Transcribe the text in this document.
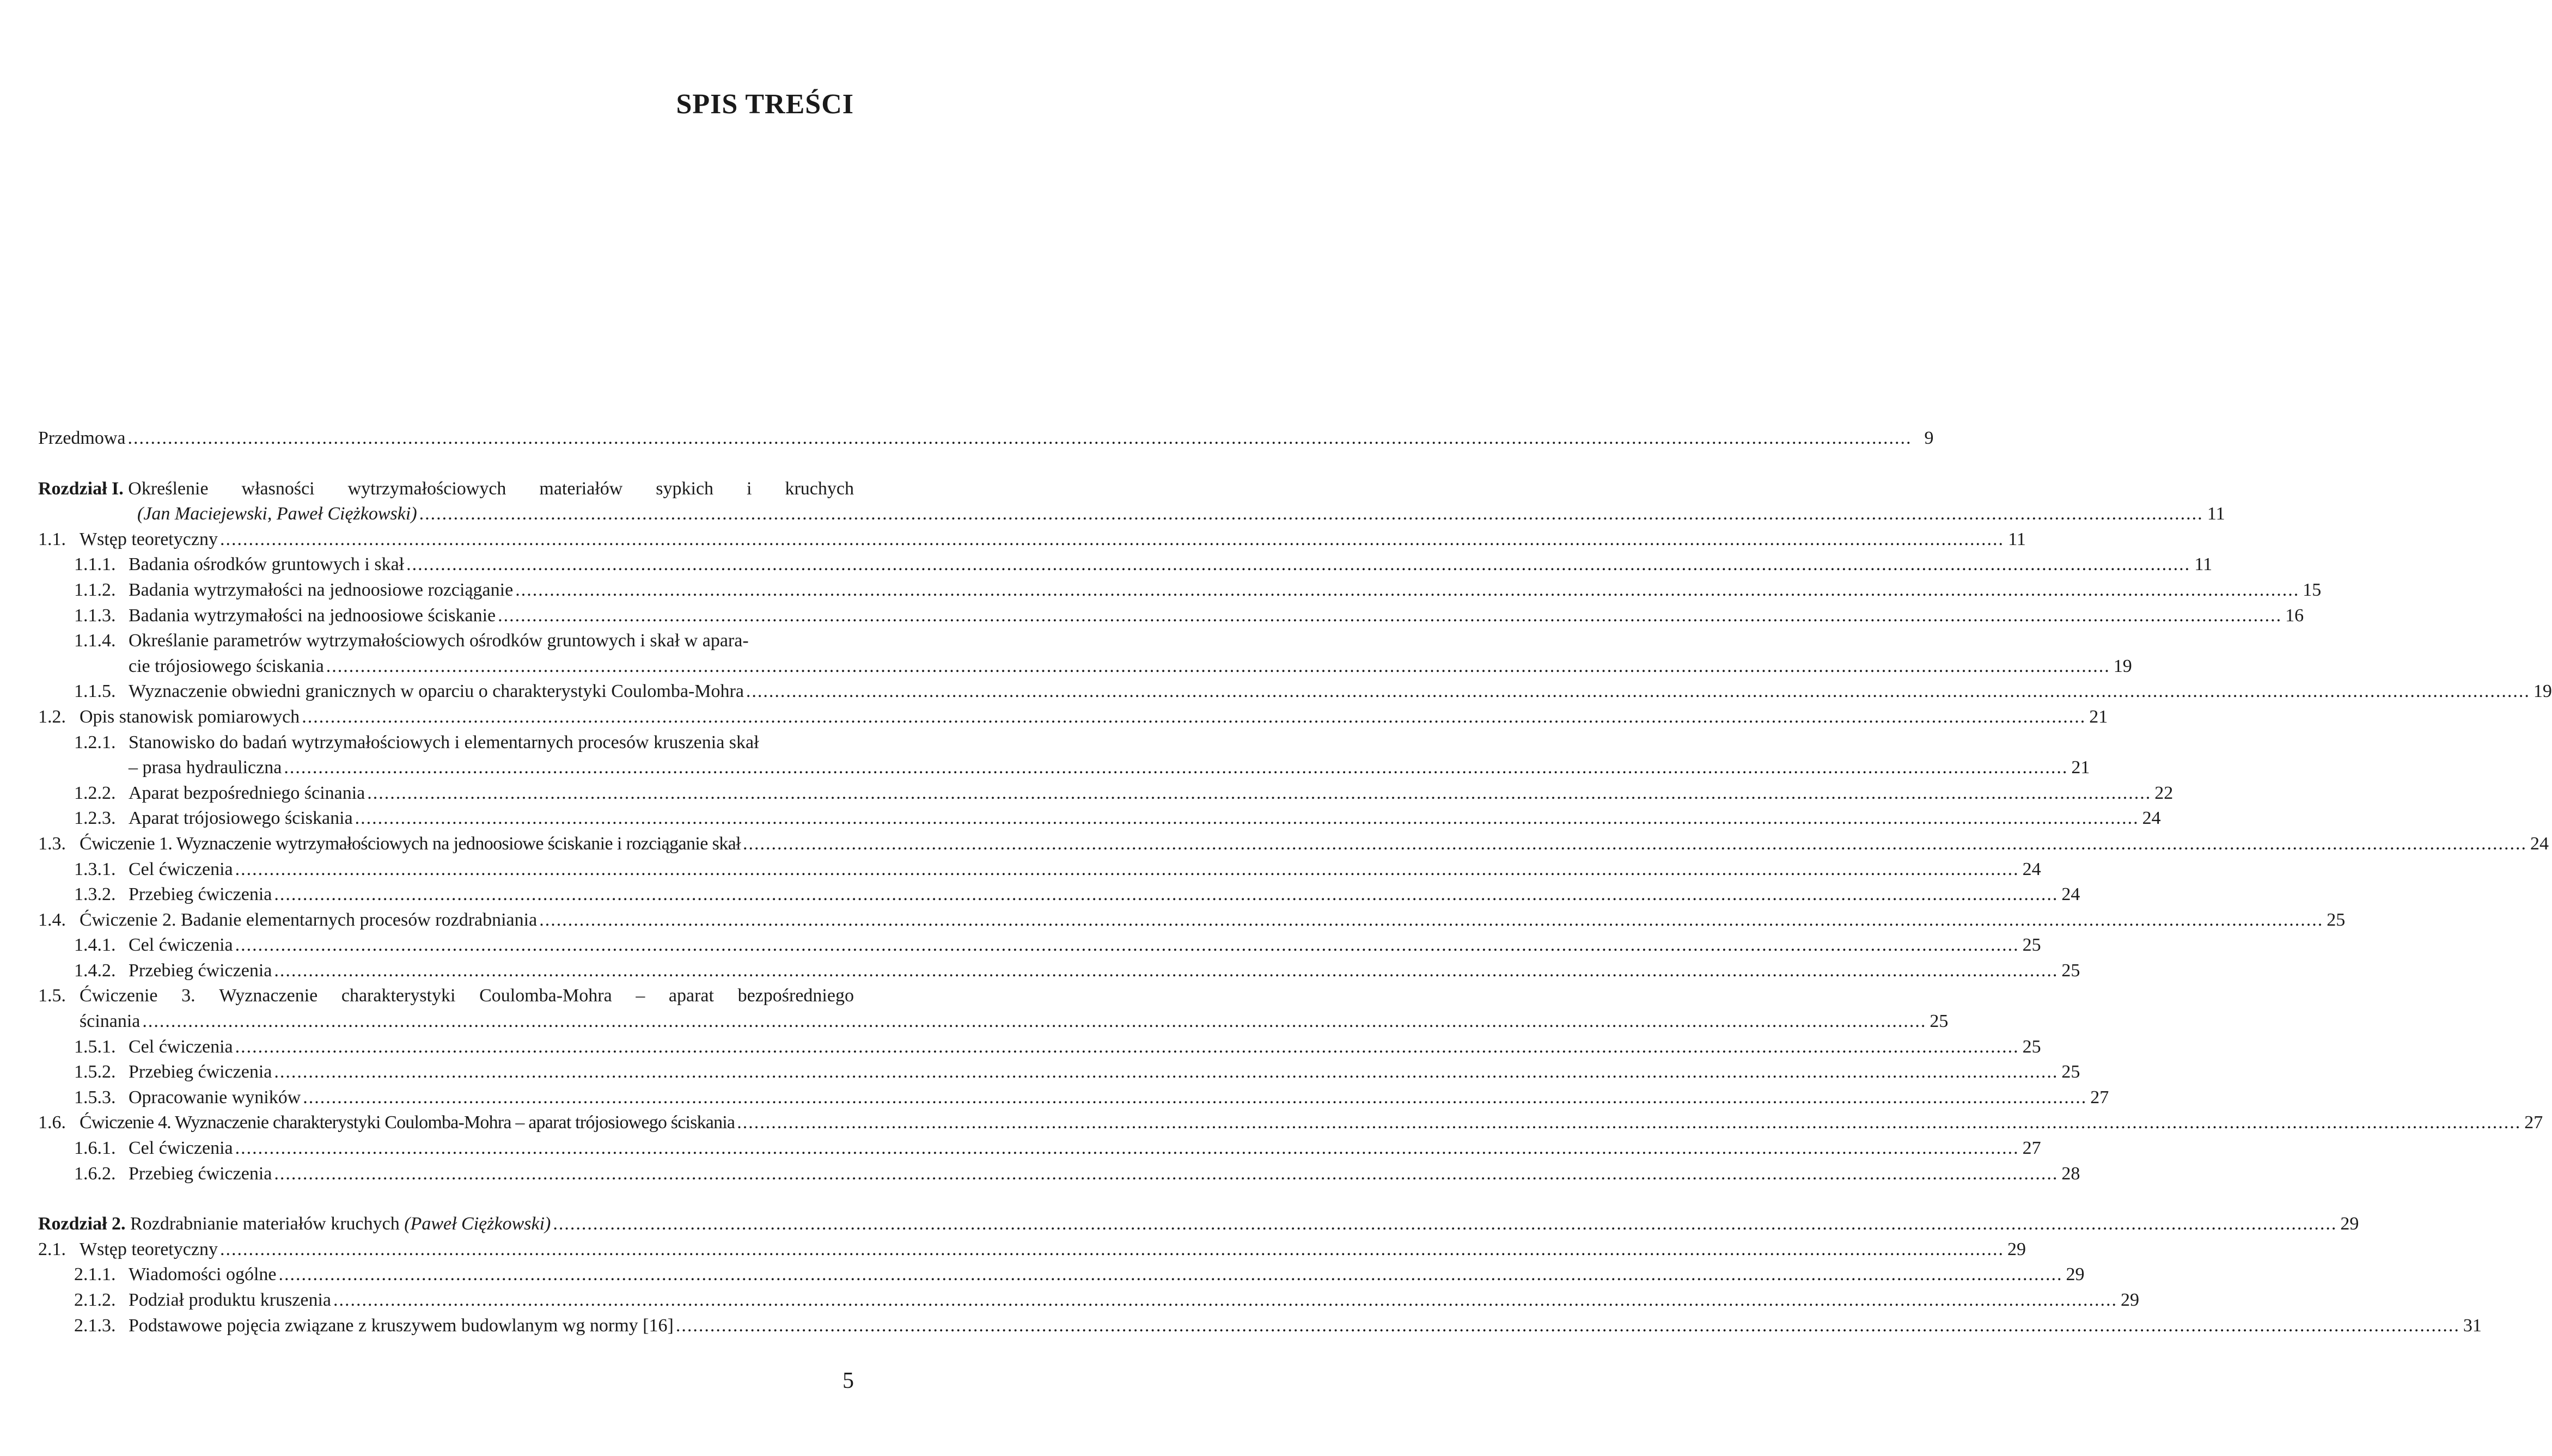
SPIS TREŚCI
Przedmowa .....	9
Rozdział I. Określenie własności wytrzymałościowych materiałów sypkich i kruchych
(Jan Maciejewski, Paweł Ciężkowski) .....	11
1.1. Wstęp teoretyczny .....	11
1.1.1. Badania ośrodków gruntowych i skał .....	11
1.1.2. Badania wytrzymałości na jednoosiowe rozciąganie .....	15
1.1.3. Badania wytrzymałości na jednoosiowe ściskanie .....	16
1.1.4. Określanie parametrów wytrzymałościowych ośrodków gruntowych i skał w apara-
cie trójosiowego ściskania .....	19
1.1.5. Wyznaczenie obwiedni granicznych w oparciu o charakterystyki Coulomba-Mohra .....	19
1.2. Opis stanowisk pomiarowych .....	21
1.2.1. Stanowisko do badań wytrzymałościowych i elementarnych procesów kruszenia skał
– prasa hydrauliczna .....	21
1.2.2. Aparat bezpośredniego ścinania .....	22
1.2.3. Aparat trójosiowego ściskania .....	24
1.3. Ćwiczenie 1. Wyznaczenie wytrzymałościowych na jednoosiowe ściskanie i rozciąganie skał .....	24
1.3.1. Cel ćwiczenia .....	24
1.3.2. Przebieg ćwiczenia .....	24
1.4. Ćwiczenie 2. Badanie elementarnych procesów rozdrabniania .....	25
1.4.1. Cel ćwiczenia .....	25
1.4.2. Przebieg ćwiczenia .....	25
1.5. Ćwiczenie 3. Wyznaczenie charakterystyki Coulomba-Mohra – aparat bezpośredniego
ścinania .....	25
1.5.1. Cel ćwiczenia .....	25
1.5.2. Przebieg ćwiczenia .....	25
1.5.3. Opracowanie wyników .....	27
1.6. Ćwiczenie 4. Wyznaczenie charakterystyki Coulomba-Mohra – aparat trójosiowego ściskania .....	27
1.6.1. Cel ćwiczenia .....	27
1.6.2. Przebieg ćwiczenia .....	28
Rozdział 2. Rozdrabnianie materiałów kruchych (Paweł Ciężkowski) .....	29
2.1. Wstęp teoretyczny .....	29
2.1.1. Wiadomości ogólne .....	29
2.1.2. Podział produktu kruszenia .....	29
2.1.3. Podstawowe pojęcia związane z kruszywem budowlanym wg normy [16] .....	31
5
